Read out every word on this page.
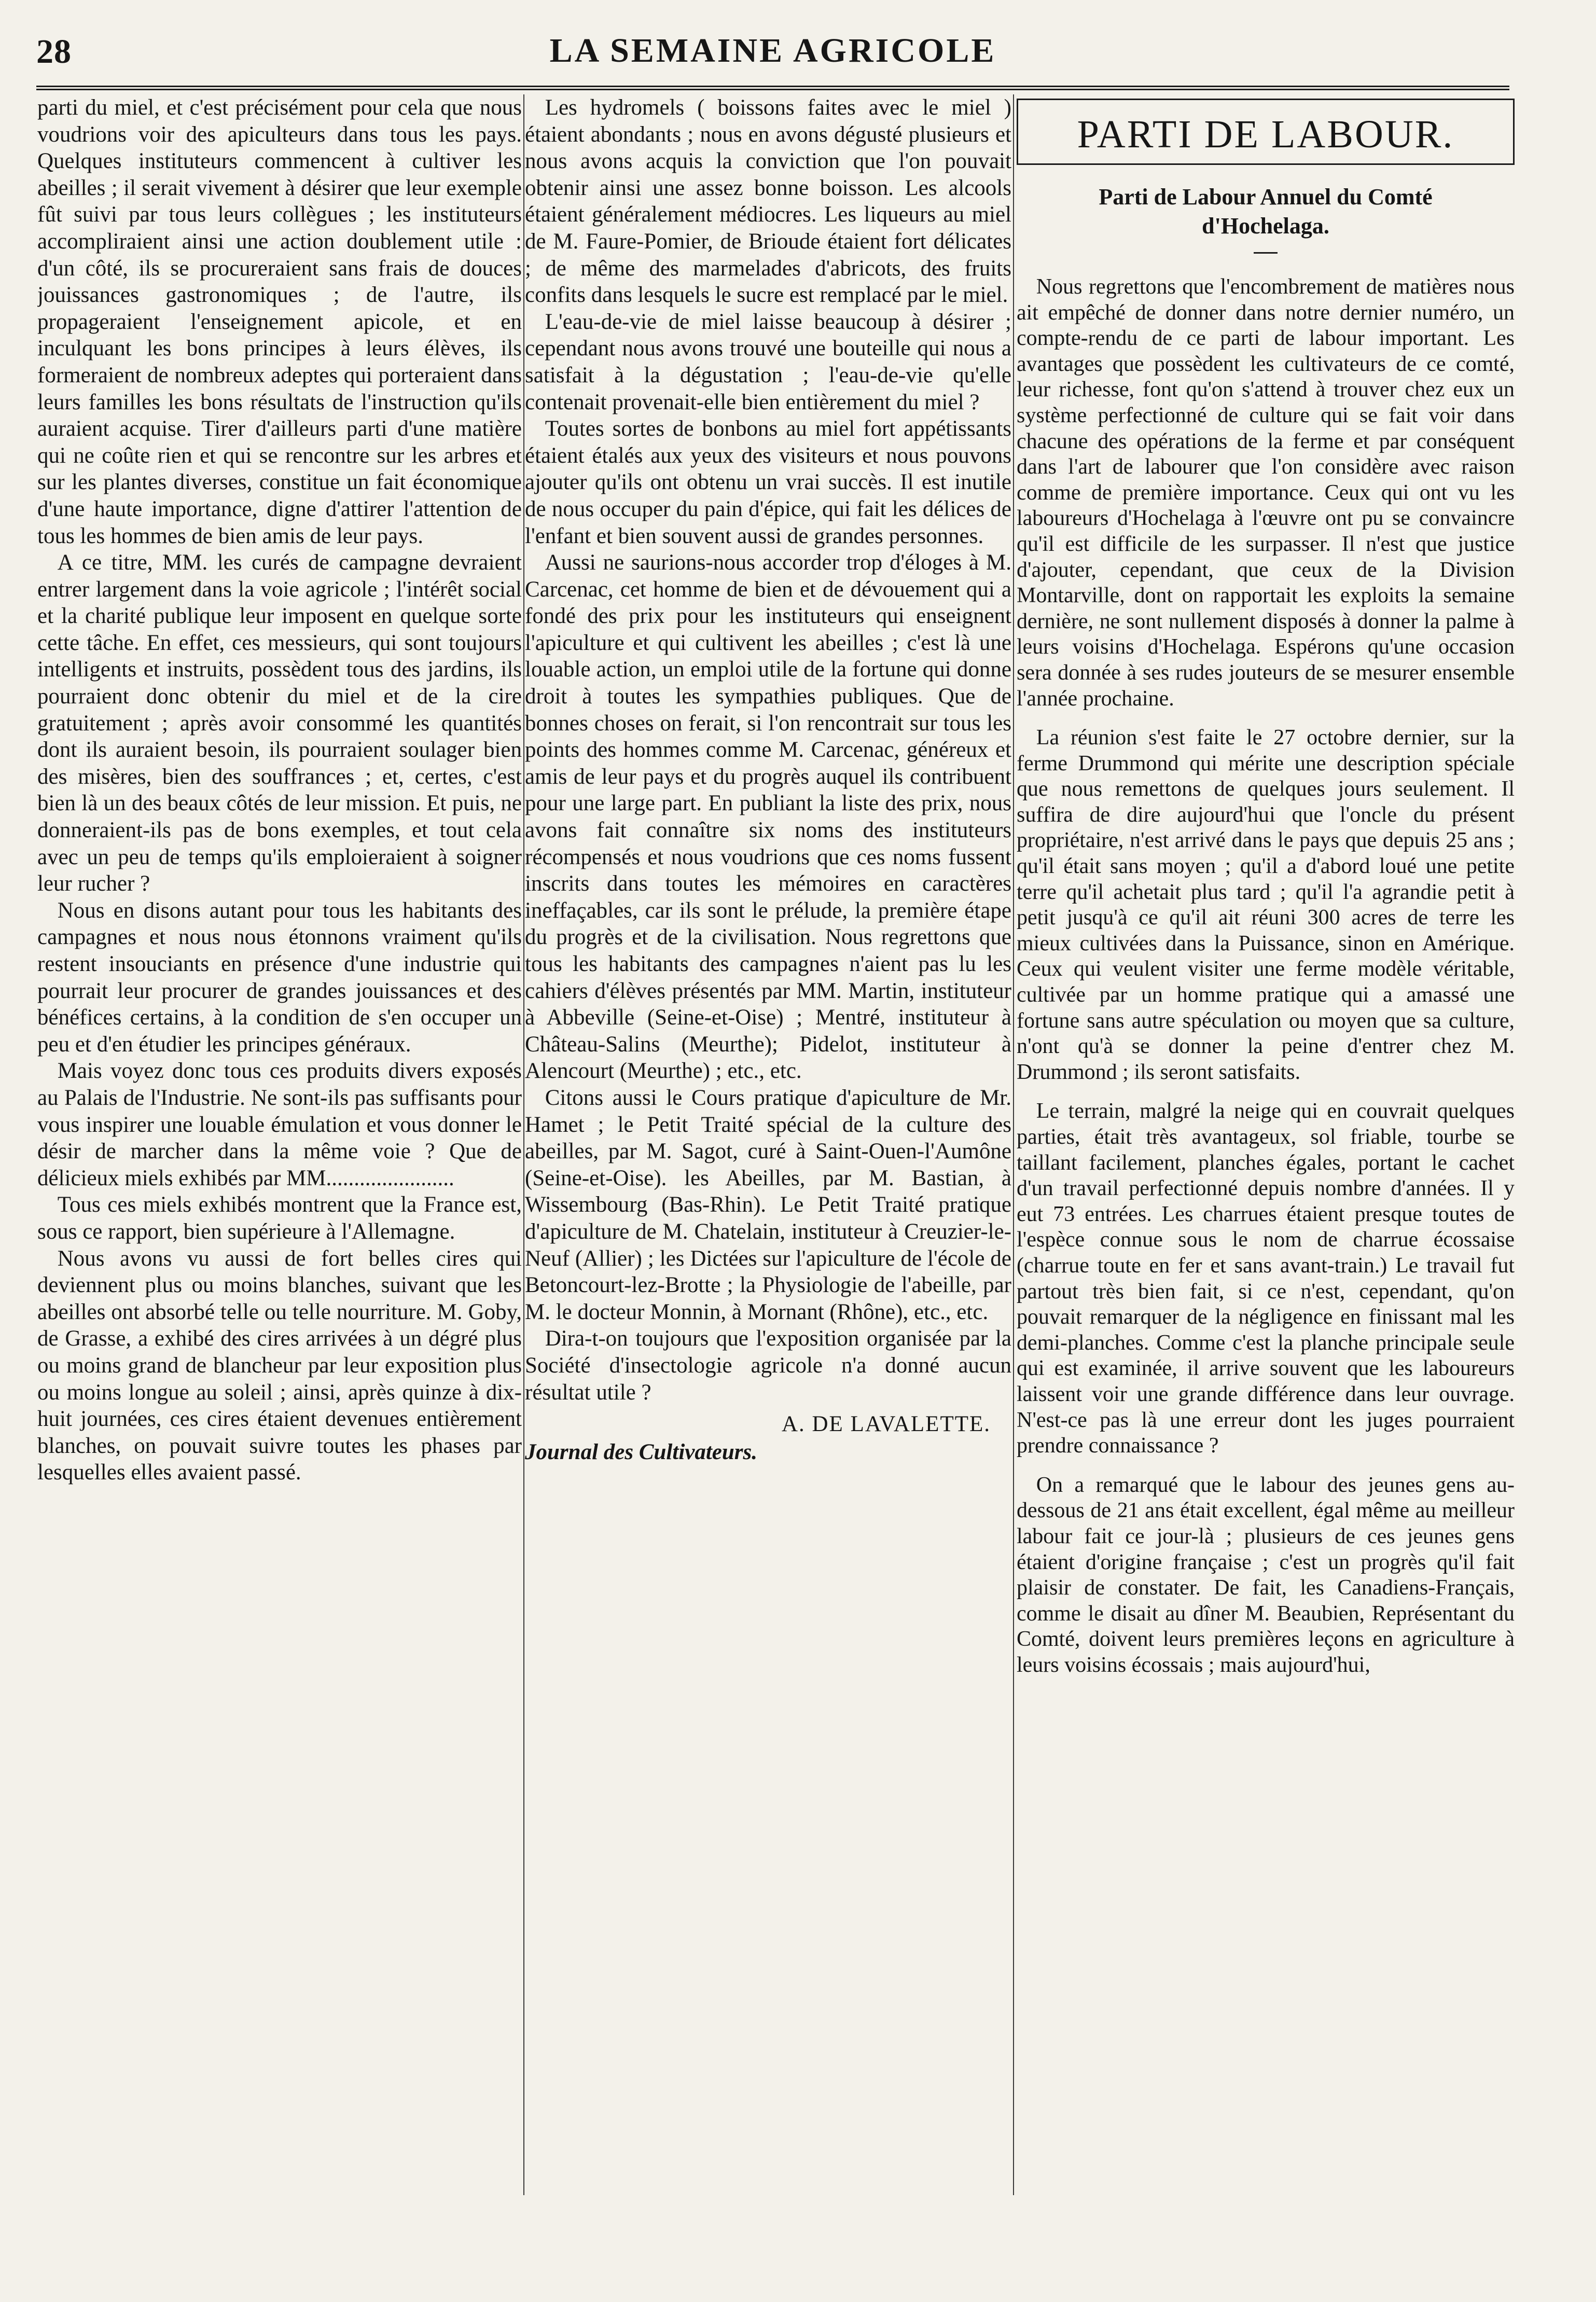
28	LA SEMAINE AGRICOLE

parti du miel, et c'est précisément pour cela que nous voudrions voir des apiculteurs dans tous les pays. Quelques instituteurs commencent à cultiver les abeilles ; il serait vivement à désirer que leur exemple fût suivi par tous leurs collègues ; les instituteurs accompliraient ainsi une action doublement utile : d'un côté, ils se procureraient sans frais de douces jouissances gastronomiques ; de l'autre, ils propageraient l'enseignement apicole, et en inculquant les bons principes à leurs élèves, ils formeraient de nombreux adeptes qui porteraient dans leurs familles les bons résultats de l'instruction qu'ils auraient acquise. Tirer d'ailleurs parti d'une matière qui ne coûte rien et qui se rencontre sur les arbres et sur les plantes diverses, constitue un fait économique d'une haute importance, digne d'attirer l'attention de tous les hommes de bien amis de leur pays.

A ce titre, MM. les curés de campagne devraient entrer largement dans la voie agricole ; l'intérêt social et la charité publique leur imposent en quelque sorte cette tâche. En effet, ces messieurs, qui sont toujours intelligents et instruits, possèdent tous des jardins, ils pourraient donc obtenir du miel et de la cire gratuitement ; après avoir consommé les quantités dont ils auraient besoin, ils pourraient soulager bien des misères, bien des souffrances ; et, certes, c'est bien là un des beaux côtés de leur mission. Et puis, ne donneraient-ils pas de bons exemples, et tout cela avec un peu de temps qu'ils emploieraient à soigner leur rucher ?

Nous en disons autant pour tous les habitants des campagnes et nous nous étonnons vraiment qu'ils restent insouciants en présence d'une industrie qui pourrait leur procurer de grandes jouissances et des bénéfices certains, à la condition de s'en occuper un peu et d'en étudier les principes généraux.

Mais voyez donc tous ces produits divers exposés au Palais de l'Industrie. Ne sont-ils pas suffisants pour vous inspirer une louable émulation et vous donner le désir de marcher dans la même voie ? Que de délicieux miels exhibés par MM.......................

Tous ces miels exhibés montrent que la France est, sous ce rapport, bien supérieure à l'Allemagne.

Nous avons vu aussi de fort belles cires qui deviennent plus ou moins blanches, suivant que les abeilles ont absorbé telle ou telle nourriture. M. Goby, de Grasse, a exhibé des cires arrivées à un dégré plus ou moins grand de blancheur par leur exposition plus ou moins longue au soleil ; ainsi, après quinze à dix-huit journées, ces cires étaient devenues entièrement blanches, on pouvait suivre toutes les phases par lesquelles elles avaient passé.

Les hydromels ( boissons faites avec le miel ) étaient abondants ; nous en avons dégusté plusieurs et nous avons acquis la conviction que l'on pouvait obtenir ainsi une assez bonne boisson. Les alcools étaient généralement médiocres. Les liqueurs au miel de M. Faure-Pomier, de Brioude étaient fort délicates ; de même des marmelades d'abricots, des fruits confits dans lesquels le sucre est remplacé par le miel.

L'eau-de-vie de miel laisse beaucoup à désirer ; cependant nous avons trouvé une bouteille qui nous a satisfait à la dégustation ; l'eau-de-vie qu'elle contenait provenait-elle bien entièrement du miel ?

Toutes sortes de bonbons au miel fort appétissants étaient étalés aux yeux des visiteurs et nous pouvons ajouter qu'ils ont obtenu un vrai succès. Il est inutile de nous occuper du pain d'épice, qui fait les délices de l'enfant et bien souvent aussi de grandes personnes.

Aussi ne saurions-nous accorder trop d'éloges à M. Carcenac, cet homme de bien et de dévouement qui a fondé des prix pour les instituteurs qui enseignent l'apiculture et qui cultivent les abeilles ; c'est là une louable action, un emploi utile de la fortune qui donne droit à toutes les sympathies publiques. Que de bonnes choses on ferait, si l'on rencontrait sur tous les points des hommes comme M. Carcenac, généreux et amis de leur pays et du progrès auquel ils contribuent pour une large part. En publiant la liste des prix, nous avons fait connaître six noms des instituteurs récompensés et nous voudrions que ces noms fussent inscrits dans toutes les mémoires en caractères ineffaçables, car ils sont le prélude, la première étape du progrès et de la civilisation. Nous regrettons que tous les habitants des campagnes n'aient pas lu les cahiers d'élèves présentés par MM. Martin, instituteur à Abbeville (Seine-et-Oise) ; Mentré, instituteur à Château-Salins (Meurthe); Pidelot, instituteur à Alencourt (Meurthe) ; etc., etc.

Citons aussi le Cours pratique d'apiculture de Mr. Hamet ; le Petit Traité spécial de la culture des abeilles, par M. Sagot, curé à Saint-Ouen-l'Aumône (Seine-et-Oise). les Abeilles, par M. Bastian, à Wissembourg (Bas-Rhin). Le Petit Traité pratique d'apiculture de M. Chatelain, instituteur à Creuzier-le-Neuf (Allier) ; les Dictées sur l'apiculture de l'école de Betoncourt-lez-Brotte ; la Physiologie de l'abeille, par M. le docteur Monnin, à Mornant (Rhône), etc., etc.

Dira-t-on toujours que l'exposition organisée par la Société d'insectologie agricole n'a donné aucun résultat utile ?

A. DE LAVALETTE.
Journal des Cultivateurs.
PARTI DE LABOUR.
Parti de Labour Annuel du Comté d'Hochelaga.

Nous regrettons que l'encombrement de matières nous ait empêché de donner dans notre dernier numéro, un compte-rendu de ce parti de labour important. Les avantages que possèdent les cultivateurs de ce comté, leur richesse, font qu'on s'attend à trouver chez eux un système perfectionné de culture qui se fait voir dans chacune des opérations de la ferme et par conséquent dans l'art de labourer que l'on considère avec raison comme de première importance. Ceux qui ont vu les laboureurs d'Hochelaga à l'œuvre ont pu se convaincre qu'il est difficile de les surpasser. Il n'est que justice d'ajouter, cependant, que ceux de la Division Montarville, dont on rapportait les exploits la semaine dernière, ne sont nullement disposés à donner la palme à leurs voisins d'Hochelaga. Espérons qu'une occasion sera donnée à ses rudes jouteurs de se mesurer ensemble l'année prochaine.

La réunion s'est faite le 27 octobre dernier, sur la ferme Drummond qui mérite une description spéciale que nous remettons de quelques jours seulement. Il suffira de dire aujourd'hui que l'oncle du présent propriétaire, n'est arrivé dans le pays que depuis 25 ans ; qu'il était sans moyen ; qu'il a d'abord loué une petite terre qu'il achetait plus tard ; qu'il l'a agrandie petit à petit jusqu'à ce qu'il ait réuni 300 acres de terre les mieux cultivées dans la Puissance, sinon en Amérique. Ceux qui veulent visiter une ferme modèle véritable, cultivée par un homme pratique qui a amassé une fortune sans autre spéculation ou moyen que sa culture, n'ont qu'à se donner la peine d'entrer chez M. Drummond ; ils seront satisfaits.

Le terrain, malgré la neige qui en couvrait quelques parties, était très avantageux, sol friable, tourbe se taillant facilement, planches égales, portant le cachet d'un travail perfectionné depuis nombre d'années. Il y eut 73 entrées. Les charrues étaient presque toutes de l'espèce connue sous le nom de charrue écossaise (charrue toute en fer et sans avant-train.) Le travail fut partout très bien fait, si ce n'est, cependant, qu'on pouvait remarquer de la négligence en finissant mal les demi-planches. Comme c'est la planche principale seule qui est examinée, il arrive souvent que les laboureurs laissent voir une grande différence dans leur ouvrage. N'est-ce pas là une erreur dont les juges pourraient prendre connaissance ?

On a remarqué que le labour des jeunes gens au-dessous de 21 ans était excellent, égal même au meilleur labour fait ce jour-là ; plusieurs de ces jeunes gens étaient d'origine française ; c'est un progrès qu'il fait plaisir de constater. De fait, les Canadiens-Français, comme le disait au dîner M. Beaubien, Représentant du Comté, doivent leurs premières leçons en agriculture à leurs voisins écossais ; mais aujourd'hui,
